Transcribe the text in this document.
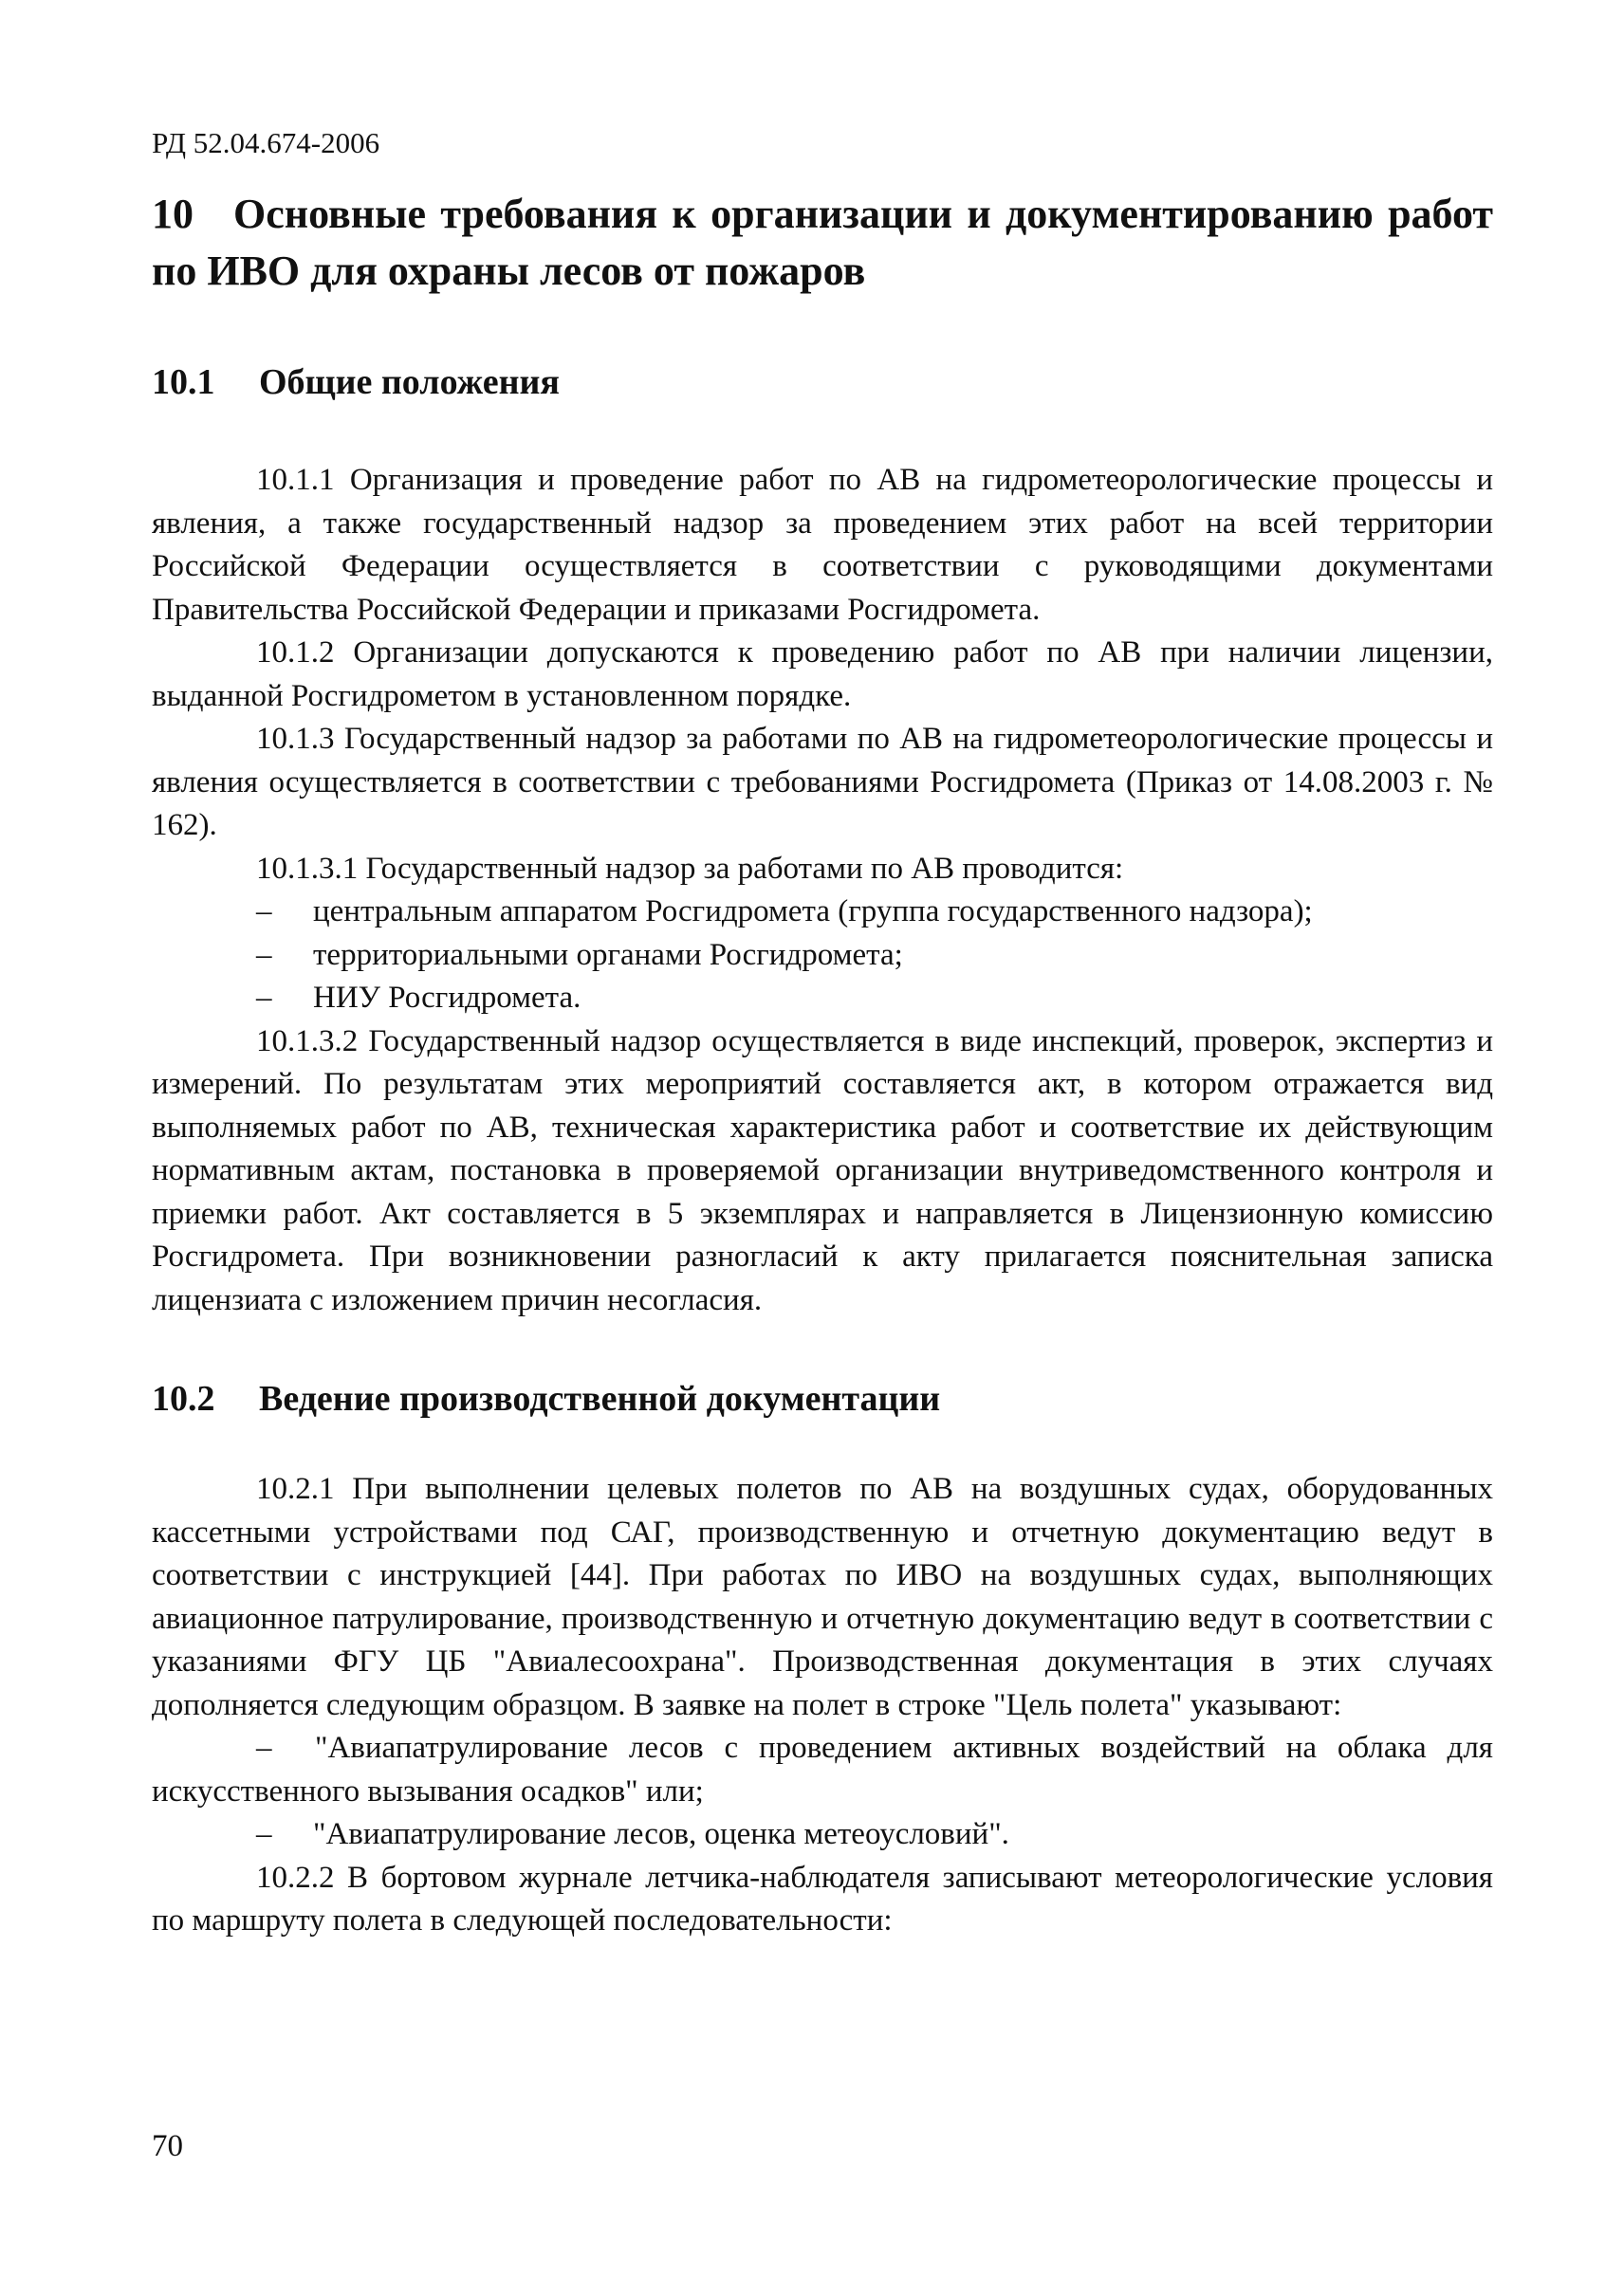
РД 52.04.674-2006
10 Основные требования к организации и документированию работ по ИВО для охраны лесов от пожаров
10.1 Общие положения

10.1.1 Организация и проведение работ по АВ на гидрометеорологические процессы и явления, а также государственный надзор за проведением этих работ на всей территории Российской Федерации осуществляется в соответствии с руководящими документами Правительства Российской Федерации и приказами Росгидромета.

10.1.2 Организации допускаются к проведению работ по АВ при наличии лицензии, выданной Росгидрометом в установленном порядке.

10.1.3 Государственный надзор за работами по АВ на гидрометеорологические процессы и явления осуществляется в соответствии с требованиями Росгидромета (Приказ от 14.08.2003 г. № 162).

10.1.3.1 Государственный надзор за работами по АВ проводится:

–	центральным аппаратом Росгидромета (группа государственного надзора);

–	территориальными органами Росгидромета;

–	НИУ Росгидромета.

10.1.3.2 Государственный надзор осуществляется в виде инспекций, проверок, экспертиз и измерений. По результатам этих мероприятий составляется акт, в котором отражается вид выполняемых работ по АВ, техническая характеристика работ и соответствие их действующим нормативным актам, постановка в проверяемой организации внутриведомственного контроля и приемки работ. Акт составляется в 5 экземплярах и направляется в Лицензионную комиссию Росгидромета. При возникновении разногласий к акту прилагается пояснительная записка лицензиата с изложением причин несогласия.

10.2 Ведение производственной документации

10.2.1 При выполнении целевых полетов по АВ на воздушных судах, оборудованных кассетными устройствами под САГ, производственную и отчетную документацию ведут в соответствии с инструкцией [44]. При работах по ИВО на воздушных судах, выполняющих авиационное патрулирование, производственную и отчетную документацию ведут в соответствии с указаниями ФГУ ЦБ "Авиалесоохрана". Производственная документация в этих случаях дополняется следующим образцом. В заявке на полет в строке "Цель полета" указывают:

–	"Авиапатрулирование лесов с проведением активных воздействий на облака для искусственного вызывания осадков" или;

–	"Авиапатрулирование лесов, оценка метеоусловий".

10.2.2 В бортовом журнале летчика-наблюдателя записывают метеорологические условия по маршруту полета в следующей последовательности:

70
